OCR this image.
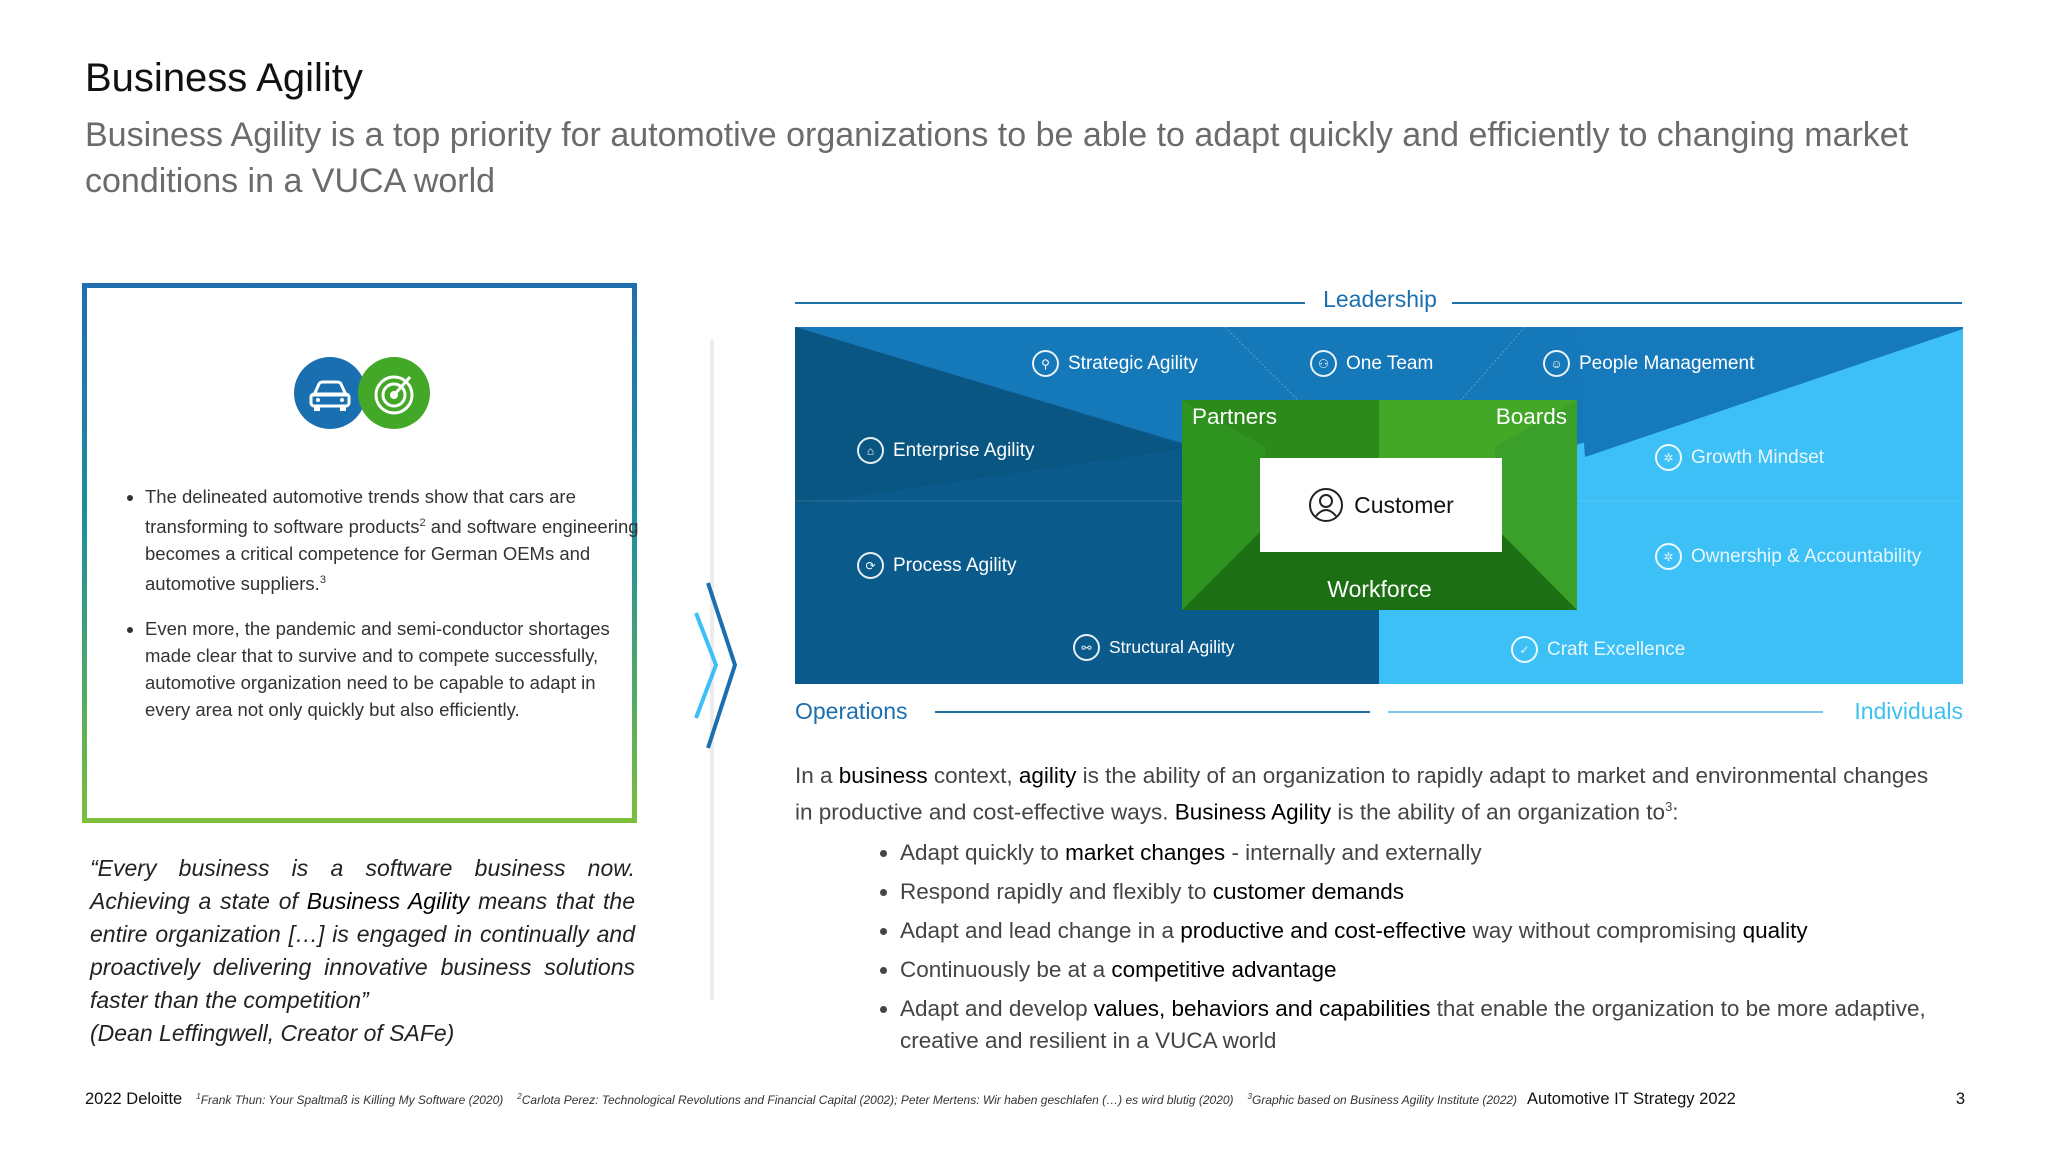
Business Agility
Business Agility is a top priority for automotive organizations to be able to adapt quickly and efficiently to changing market conditions in a VUCA world
• The delineated automotive trends show that cars are transforming to software products$^2$ and software engineering becomes a critical competence for German OEMs and automotive suppliers.$^3$
• Even more, the pandemic and semi-conductor shortages made clear that to survive and to compete successfully, automotive organization need to be capable to adapt in every area not only quickly but also efficiently.
“Every business is a software business now. Achieving a state of Business Agility means that the entire organization […] is engaged in continually and proactively delivering innovative business solutions faster than the competition”
(Dean Leffingwell, Creator of SAFe)
Leadership
⚲ Strategic Agility	⚇ One Team	☺ People Management
⌂ Enterprise Agility	✲ Growth Mindset
⟳ Process Agility	✲ Ownership & Accountability
⚯ Structural Agility	✓ Craft Excellence
Partners	Boards
Customer
Workforce
Operations	Individuals
In a business context, agility is the ability of an organization to rapidly adapt to market and environmental changes in productive and cost-effective ways. Business Agility is the ability of an organization $to^3$:
• Adapt quickly to market changes - internally and externally
• Respond rapidly and flexibly to customer demands
• Adapt and lead change in a productive and cost-effective way without compromising quality
• Continuously be at a competitive advantage
• Adapt and develop values, behaviors and capabilities that enable the organization to be more adaptive, creative and resilient in a VUCA world
2022 Deloitte $^1$Frank Thun: Your Spaltmaß is Killing My Software (2020) $^2$Carlota Perez: Technological Revolutions and Financial Capital (2002); Peter Mertens: Wir haben geschlafen (…) es wird blutig (2020) $^3$Graphic based on Business Agility Institute (2022) Automotive IT Strategy 2022	3
